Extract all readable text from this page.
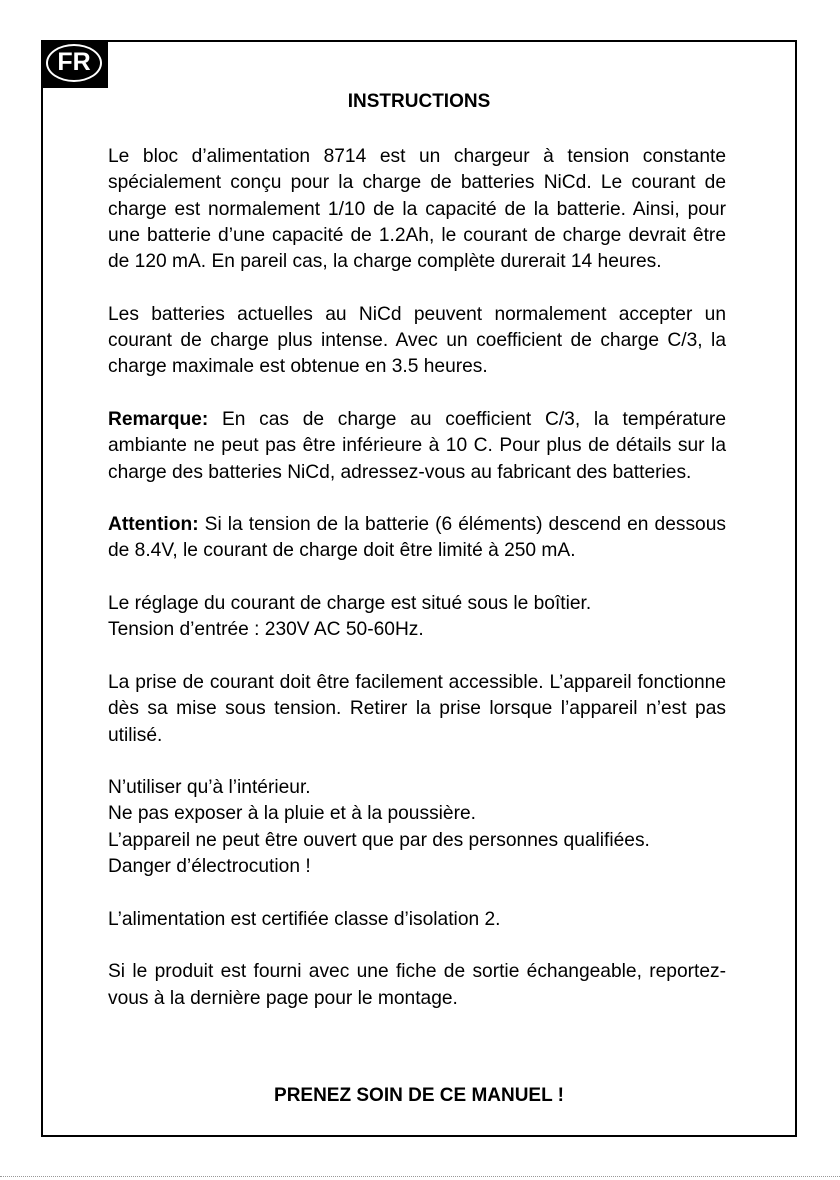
FR
INSTRUCTIONS

Le bloc d’alimentation 8714 est un chargeur à tension constante spécialement conçu pour la charge de batteries NiCd. Le courant de charge est normalement 1/10 de la capacité de la batterie. Ainsi, pour une batterie d’une capacité de 1.2Ah, le courant de charge devrait être de 120 mA. En pareil cas, la charge complète durerait 14 heures.

Les batteries actuelles au NiCd peuvent normalement accepter un courant de charge plus intense. Avec un coefficient de charge C/3, la charge maximale est obtenue en 3.5 heures.

Remarque: En cas de charge au coefficient C/3, la température ambiante ne peut pas être inférieure à 10 C. Pour plus de détails sur la charge des batteries NiCd, adressez-vous au fabricant des batteries.

Attention: Si la tension de la batterie (6 éléments) descend en dessous de 8.4V, le courant de charge doit être limité à 250 mA.

Le réglage du courant de charge est situé sous le boîtier.
Tension d’entrée : 230V AC 50-60Hz.

La prise de courant doit être facilement accessible. L’appareil fonctionne dès sa mise sous tension. Retirer la prise lorsque l’appareil n’est pas utilisé.

N’utiliser qu’à l’intérieur.
Ne pas exposer à la pluie et à la poussière.
L’appareil ne peut être ouvert que par des personnes qualifiées.
Danger d’électrocution !

L’alimentation est certifiée classe d’isolation 2.

Si le produit est fourni avec une fiche de sortie échangeable, reportez-vous à la dernière page pour le montage.

PRENEZ SOIN DE CE MANUEL !
